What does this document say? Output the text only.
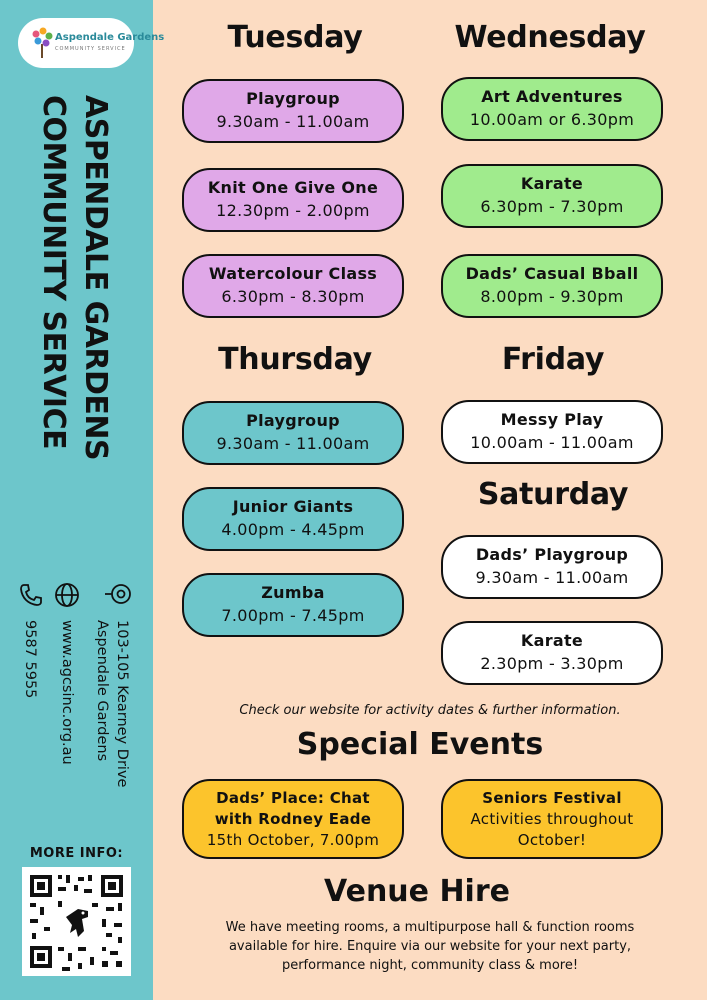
Aspendale Gardens
COMMUNITY SERVICE
ASPENDALE GARDENS
COMMUNITY SERVICE
103-105 Kearney Drive
Aspendale Gardens
www.agcsinc.org.au
9587 5955
MORE INFO:
Tuesday	Wednesday
Thursday	Friday
Saturday
Playgroup
9.30am - 11.00am
Knit One Give One
12.30pm - 2.00pm
Watercolour Class
6.30pm - 8.30pm
Art Adventures
10.00am or 6.30pm
Karate
6.30pm - 7.30pm
Dads’ Casual Bball
8.00pm - 9.30pm
Playgroup
9.30am - 11.00am
Junior Giants
4.00pm - 4.45pm
Zumba
7.00pm - 7.45pm
Messy Play
10.00am - 11.00am
Dads’ Playgroup
9.30am - 11.00am
Karate
2.30pm - 3.30pm
Check our website for activity dates & further information.
Special Events
Dads’ Place: Chat
with Rodney Eade
15th October, 7.00pm
Seniors Festival
Activities throughout
October!
Venue Hire
We have meeting rooms, a multipurpose hall & function rooms
available for hire. Enquire via our website for your next party,
performance night, community class & more!
